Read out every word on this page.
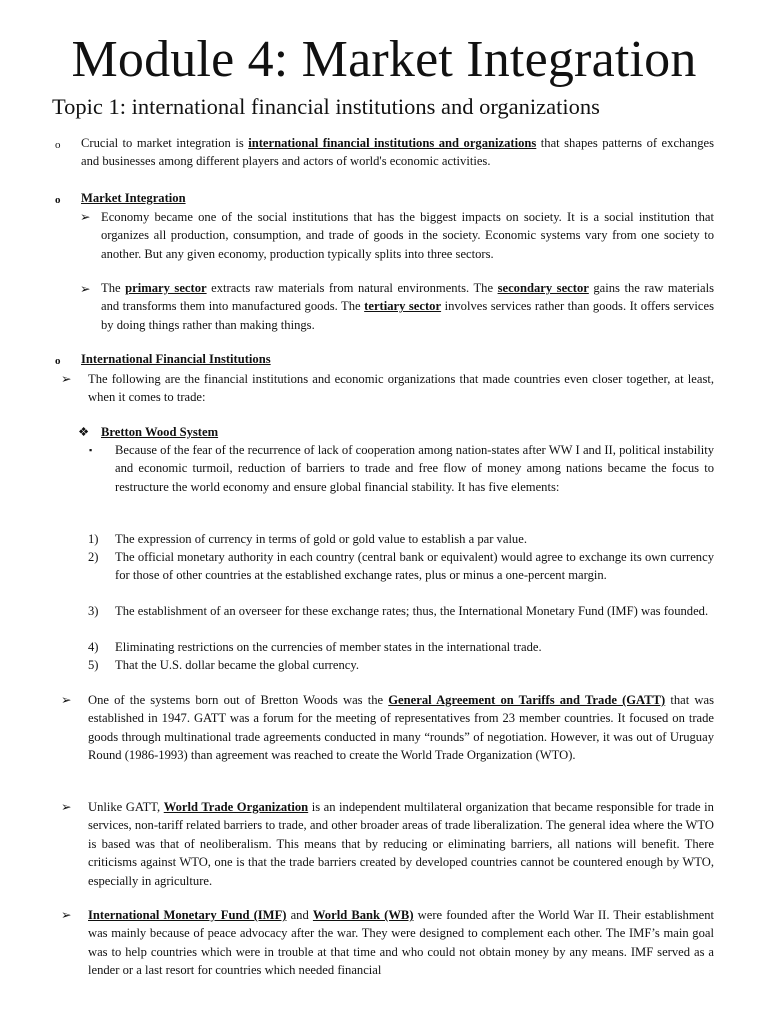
Module 4: Market Integration
Topic 1: international financial institutions and organizations
o Crucial to market integration is international financial institutions and organizations that shapes patterns of exchanges and businesses among different players and actors of world's economic activities.
o Market Integration
➢ Economy became one of the social institutions that has the biggest impacts on society. It is a social institution that organizes all production, consumption, and trade of goods in the society. Economic systems vary from one society to another. But any given economy, production typically splits into three sectors.
➢ The primary sector extracts raw materials from natural environments. The secondary sector gains the raw materials and transforms them into manufactured goods. The tertiary sector involves services rather than goods. It offers services by doing things rather than making things.
o International Financial Institutions
➢ The following are the financial institutions and economic organizations that made countries even closer together, at least, when it comes to trade:
❖ Bretton Wood System
▪ Because of the fear of the recurrence of lack of cooperation among nation-states after WW I and II, political instability and economic turmoil, reduction of barriers to trade and free flow of money among nations became the focus to restructure the world economy and ensure global financial stability. It has five elements:
1) The expression of currency in terms of gold or gold value to establish a par value.
2) The official monetary authority in each country (central bank or equivalent) would agree to exchange its own currency for those of other countries at the established exchange rates, plus or minus a one-percent margin.
3) The establishment of an overseer for these exchange rates; thus, the International Monetary Fund (IMF) was founded.
4) Eliminating restrictions on the currencies of member states in the international trade.
5) That the U.S. dollar became the global currency.
➢ One of the systems born out of Bretton Woods was the General Agreement on Tariffs and Trade (GATT) that was established in 1947. GATT was a forum for the meeting of representatives from 23 member countries. It focused on trade goods through multinational trade agreements conducted in many “rounds” of negotiation. However, it was out of Uruguay Round (1986-1993) than agreement was reached to create the World Trade Organization (WTO).
➢ Unlike GATT, World Trade Organization is an independent multilateral organization that became responsible for trade in services, non-tariff related barriers to trade, and other broader areas of trade liberalization. The general idea where the WTO is based was that of neoliberalism. This means that by reducing or eliminating barriers, all nations will benefit. There criticisms against WTO, one is that the trade barriers created by developed countries cannot be countered enough by WTO, especially in agriculture.
➢ International Monetary Fund (IMF) and World Bank (WB) were founded after the World War II. Their establishment was mainly because of peace advocacy after the war. They were designed to complement each other. The IMF’s main goal was to help countries which were in trouble at that time and who could not obtain money by any means. IMF served as a lender or a last resort for countries which needed financial
